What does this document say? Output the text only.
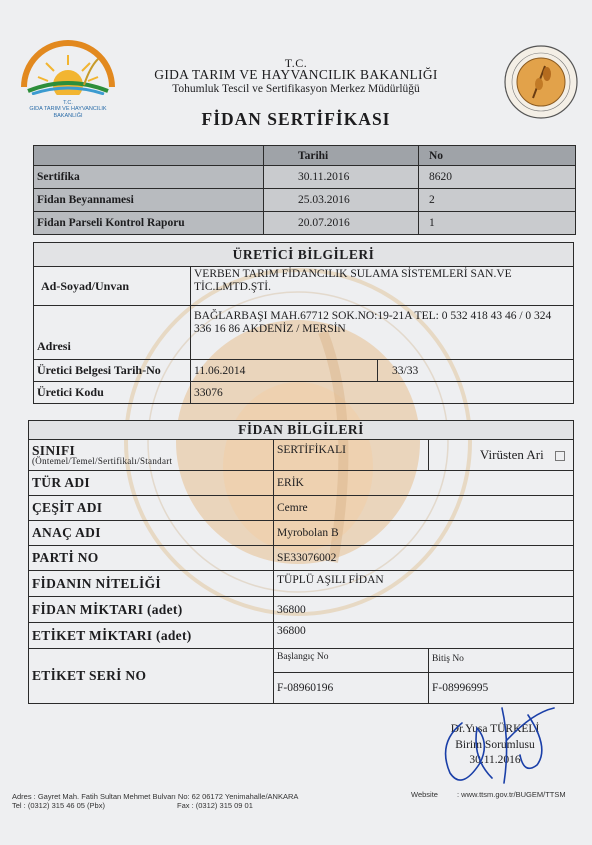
T.C.
GIDA TARIM VE HAYVANCILIK
BAKANLIĞI
T.C.
GIDA TARIM VE HAYVANCILIK BAKANLIĞI
Tohumluk Tescil ve Sertifikasyon Merkez Müdürlüğü
FİDAN SERTİFİKASI
	Tarihi	No
Sertifika	30.11.2016	8620
Fidan Beyannamesi	25.03.2016	2
Fidan Parseli Kontrol Raporu	20.07.2016	1
ÜRETİCİ BİLGİLERİ		
Ad-Soyad/Unvan	VERBEN TARIM FİDANCILIK SULAMA SİSTEMLERİ SAN.VE TİC.LMTD.ŞTİ.	
Adresi	BAĞLARBAŞI MAH.67712 SOK.NO:19-21A TEL: 0 532 418 43 46 / 0 324 336 16 86 AKDENİZ / MERSİN	
Üretici Belgesi Tarih-No	11.06.2014	33/33
Üretici Kodu	33076	
FİDAN BİLGİLERİ		

SINIFI
(Öntemel/Temel/Sertifikalı/Standart	SERTİFİKALI	Virüsten Ari
TÜR ADI	ERİK	
ÇEŞİT ADI	Cemre	
ANAÇ ADI	Myrobolan B	
PARTİ NO	SE33076002	
FİDANIN NİTELİĞİ	TÜPLÜ AŞILI FİDAN	
FİDAN MİKTARI (adet)	36800	
ETİKET MİKTARI (adet)	36800	
ETİKET SERİ NO	Başlangıç No	Bitiş No
	F-08960196	F-08996995
Dr.Yusa TÜRKELİ
Birim Sorumlusu
30.11.2016
Adres : Gayret Mah. Fatih Sultan Mehmet Bulvarı No: 62 06172 Yenimahalle/ANKARA
Tel : (0312) 315 46 05 (Pbx)	Fax : (0312) 315 09 01
Website	: www.ttsm.gov.tr/BUGEM/TTSM
